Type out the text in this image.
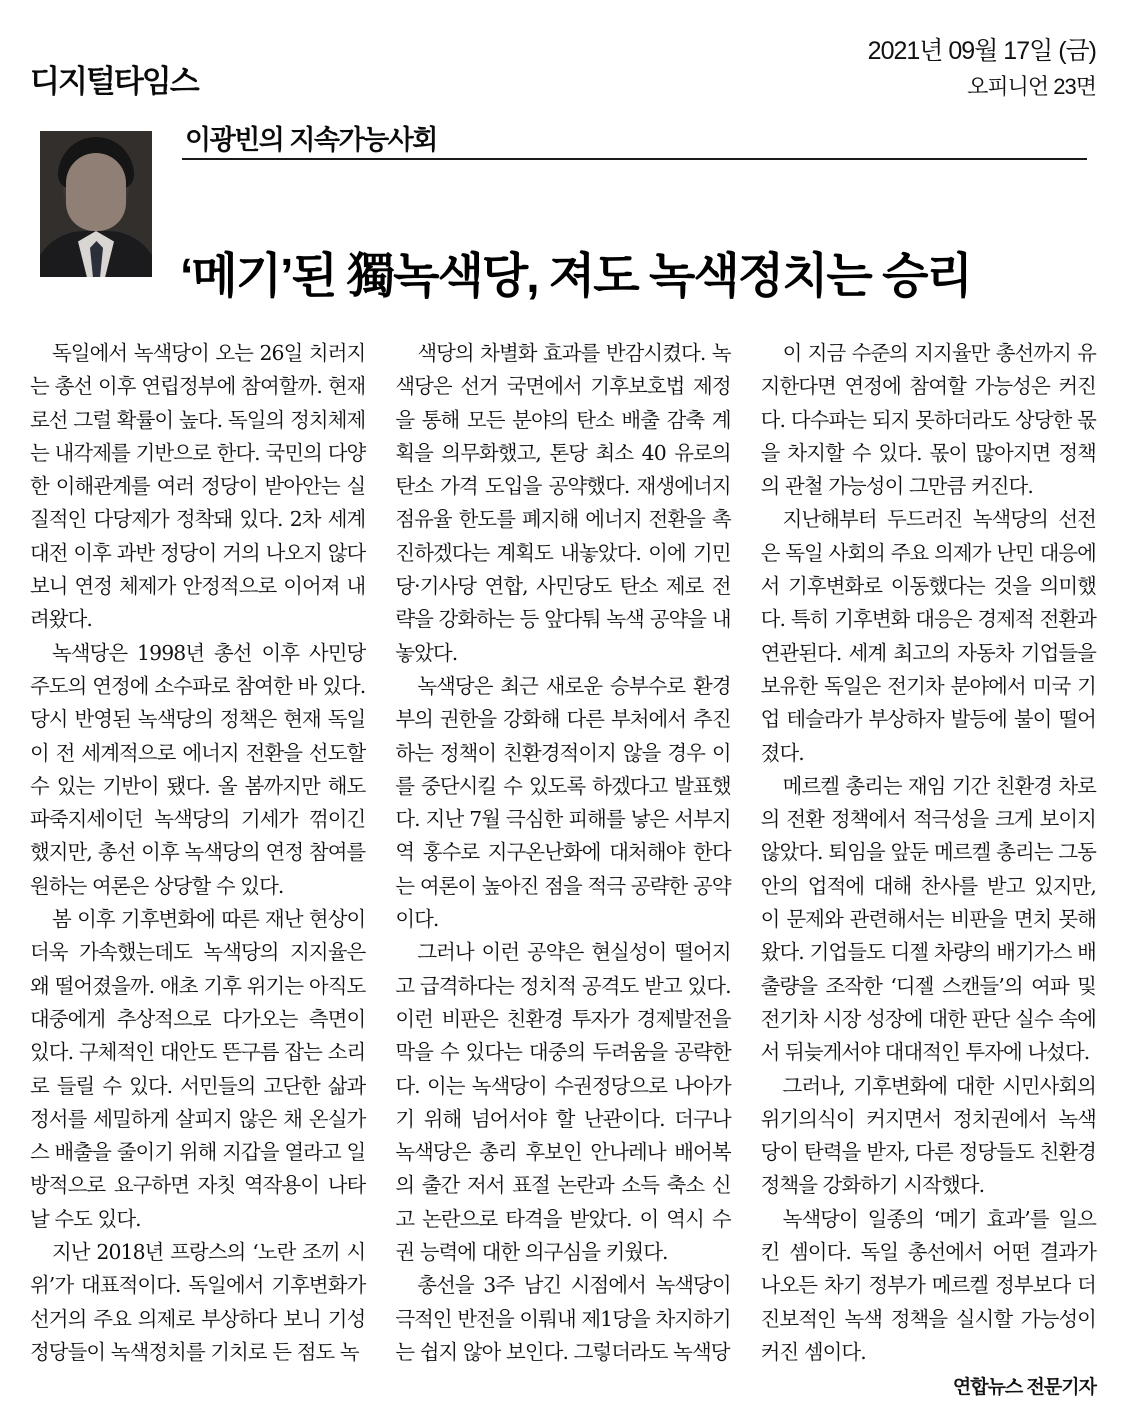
디지털타임스
2021년 09월 17일 (금)
오피니언 23면
이광빈의 지속가능사회
‘메기’된 獨녹색당, 져도 녹색정치는 승리

독일에서 녹색당이 오는 26일 치러지는 총선 이후 연립정부에 참여할까. 현재로선 그럴 확률이 높다. 독일의 정치체제는 내각제를 기반으로 한다. 국민의 다양한 이해관계를 여러 정당이 받아안는 실질적인 다당제가 정착돼 있다. 2차 세계대전 이후 과반 정당이 거의 나오지 않다 보니 연정 체제가 안정적으로 이어져 내려왔다.

녹색당은 1998년 총선 이후 사민당 주도의 연정에 소수파로 참여한 바 있다. 당시 반영된 녹색당의 정책은 현재 독일이 전 세계적으로 에너지 전환을 선도할 수 있는 기반이 됐다. 올 봄까지만 해도 파죽지세이던 녹색당의 기세가 꺾이긴 했지만, 총선 이후 녹색당의 연정 참여를 원하는 여론은 상당할 수 있다.

봄 이후 기후변화에 따른 재난 현상이 더욱 가속했는데도 녹색당의 지지율은 왜 떨어졌을까. 애초 기후 위기는 아직도 대중에게 추상적으로 다가오는 측면이 있다. 구체적인 대안도 뜬구름 잡는 소리로 들릴 수 있다. 서민들의 고단한 삶과 정서를 세밀하게 살피지 않은 채 온실가스 배출을 줄이기 위해 지갑을 열라고 일방적으로 요구하면 자칫 역작용이 나타날 수도 있다.

지난 2018년 프랑스의 ‘노란 조끼 시위’가 대표적이다. 독일에서 기후변화가 선거의 주요 의제로 부상하다 보니 기성 정당들이 녹색정치를 기치로 든 점도 녹

색당의 차별화 효과를 반감시켰다. 녹색당은 선거 국면에서 기후보호법 제정을 통해 모든 분야의 탄소 배출 감축 계획을 의무화했고, 톤당 최소 40 유로의 탄소 가격 도입을 공약했다. 재생에너지 점유율 한도를 폐지해 에너지 전환을 촉진하겠다는 계획도 내놓았다. 이에 기민당·기사당 연합, 사민당도 탄소 제로 전략을 강화하는 등 앞다퉈 녹색 공약을 내놓았다.

녹색당은 최근 새로운 승부수로 환경부의 권한을 강화해 다른 부처에서 추진하는 정책이 친환경적이지 않을 경우 이를 중단시킬 수 있도록 하겠다고 발표했다. 지난 7월 극심한 피해를 낳은 서부지역 홍수로 지구온난화에 대처해야 한다는 여론이 높아진 점을 적극 공략한 공약이다.

그러나 이런 공약은 현실성이 떨어지고 급격하다는 정치적 공격도 받고 있다. 이런 비판은 친환경 투자가 경제발전을 막을 수 있다는 대중의 두려움을 공략한다. 이는 녹색당이 수권정당으로 나아가기 위해 넘어서야 할 난관이다. 더구나 녹색당은 총리 후보인 안나레나 배어복의 출간 저서 표절 논란과 소득 축소 신고 논란으로 타격을 받았다. 이 역시 수권 능력에 대한 의구심을 키웠다.

총선을 3주 남긴 시점에서 녹색당이 극적인 반전을 이뤄내 제1당을 차지하기는 쉽지 않아 보인다. 그렇더라도 녹색당

이 지금 수준의 지지율만 총선까지 유지한다면 연정에 참여할 가능성은 커진다. 다수파는 되지 못하더라도 상당한 몫을 차지할 수 있다. 몫이 많아지면 정책의 관철 가능성이 그만큼 커진다.

지난해부터 두드러진 녹색당의 선전은 독일 사회의 주요 의제가 난민 대응에서 기후변화로 이동했다는 것을 의미했다. 특히 기후변화 대응은 경제적 전환과 연관된다. 세계 최고의 자동차 기업들을 보유한 독일은 전기차 분야에서 미국 기업 테슬라가 부상하자 발등에 불이 떨어졌다.

메르켈 총리는 재임 기간 친환경 차로의 전환 정책에서 적극성을 크게 보이지 않았다. 퇴임을 앞둔 메르켈 총리는 그동안의 업적에 대해 찬사를 받고 있지만, 이 문제와 관련해서는 비판을 면치 못해왔다. 기업들도 디젤 차량의 배기가스 배출량을 조작한 ‘디젤 스캔들’의 여파 및 전기차 시장 성장에 대한 판단 실수 속에서 뒤늦게서야 대대적인 투자에 나섰다.

그러나, 기후변화에 대한 시민사회의 위기의식이 커지면서 정치권에서 녹색당이 탄력을 받자, 다른 정당들도 친환경 정책을 강화하기 시작했다.

녹색당이 일종의 ‘메기 효과’를 일으킨 셈이다. 독일 총선에서 어떤 결과가 나오든 차기 정부가 메르켈 정부보다 더 진보적인 녹색 정책을 실시할 가능성이 커진 셈이다.

연합뉴스 전문기자
